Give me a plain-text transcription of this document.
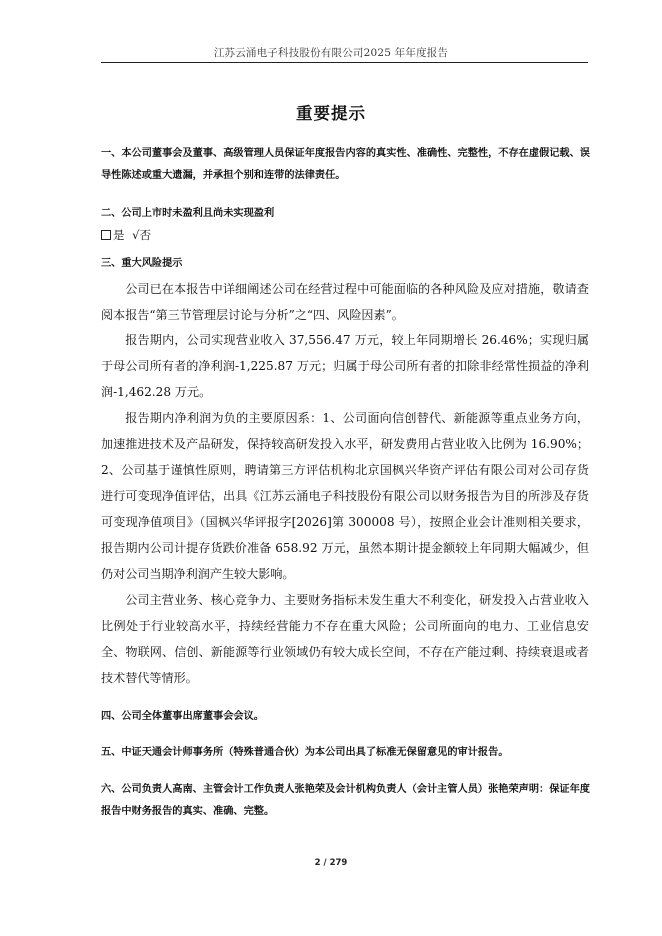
江苏云涌电子科技股份有限公司2025 年年度报告
重要提示
一、本公司董事会及董事、高级管理人员保证年度报告内容的真实性、准确性、完整性，不存在虚假记载、误导性陈述或重大遗漏，并承担个别和连带的法律责任。
二、公司上市时未盈利且尚未实现盈利
是 √否
三、重大风险提示
公司已在本报告中详细阐述公司在经营过程中可能面临的各种风险及应对措施，敬请查阅本报告“第三节管理层讨论与分析”之“四、风险因素”。
报告期内，公司实现营业收入 37,556.47 万元，较上年同期增长 26.46%；实现归属于母公司所有者的净利润-1,225.87 万元；归属于母公司所有者的扣除非经常性损益的净利润-1,462.28 万元。
报告期内净利润为负的主要原因系：1、公司面向信创替代、新能源等重点业务方向，加速推进技术及产品研发，保持较高研发投入水平，研发费用占营业收入比例为 16.90%；2、公司基于谨慎性原则，聘请第三方评估机构北京国枫兴华资产评估有限公司对公司存货进行可变现净值评估，出具《江苏云涌电子科技股份有限公司以财务报告为目的所涉及存货可变现净值项目》（国枫兴华评报字[2026]第 300008 号），按照企业会计准则相关要求，报告期内公司计提存货跌价准备 658.92 万元，虽然本期计提金额较上年同期大幅减少，但仍对公司当期净利润产生较大影响。
公司主营业务、核心竞争力、主要财务指标未发生重大不利变化，研发投入占营业收入比例处于行业较高水平，持续经营能力不存在重大风险；公司所面向的电力、工业信息安全、物联网、信创、新能源等行业领域仍有较大成长空间，不存在产能过剩、持续衰退或者技术替代等情形。
四、公司全体董事出席董事会会议。
五、中证天通会计师事务所（特殊普通合伙）为本公司出具了标准无保留意见的审计报告。
六、公司负责人高南、主管会计工作负责人张艳荣及会计机构负责人（会计主管人员）张艳荣声明：保证年度报告中财务报告的真实、准确、完整。
2 / 279
